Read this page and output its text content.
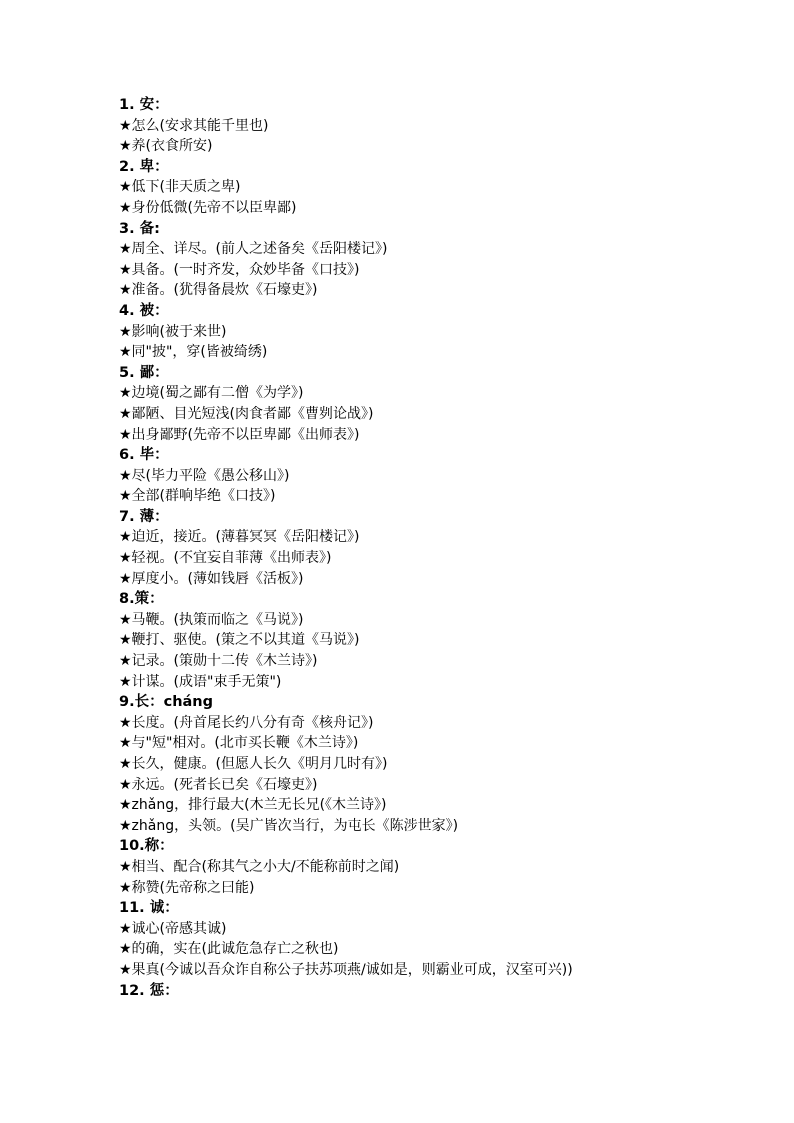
1. 安：
★怎么(安求其能千里也)
★养(衣食所安)
2. 卑：
★低下(非天质之卑)
★身份低微(先帝不以臣卑鄙)
3. 备:
★周全、详尽。(前人之述备矣《岳阳楼记》)
★具备。(一时齐发，众妙毕备《口技》)
★准备。(犹得备晨炊《石壕吏》)
4. 被：
★影响(被于来世)
★同"披"，穿(皆被绮绣)
5. 鄙：
★边境(蜀之鄙有二僧《为学》)
★鄙陋、目光短浅(肉食者鄙《曹刿论战》)
★出身鄙野(先帝不以臣卑鄙《出师表》)
6. 毕：
★尽(毕力平险《愚公移山》)
★全部(群响毕绝《口技》)
7. 薄：
★迫近，接近。(薄暮冥冥《岳阳楼记》)
★轻视。(不宜妄自菲薄《出师表》)
★厚度小。(薄如钱唇《活板》)
8.策：
★马鞭。(执策而临之《马说》)
★鞭打、驱使。(策之不以其道《马说》)
★记录。(策勋十二传《木兰诗》)
★计谋。(成语"束手无策")
9.长：cháng
★长度。(舟首尾长约八分有奇《核舟记》)
★与"短"相对。(北市买长鞭《木兰诗》)
★长久，健康。(但愿人长久《明月几时有》)
★永远。(死者长已矣《石壕吏》)
★zhǎng，排行最大(木兰无长兄(《木兰诗》)
★zhǎng，头领。(吴广皆次当行，为屯长《陈涉世家》)
10.称：
★相当、配合(称其气之小大/不能称前时之闻)
★称赞(先帝称之曰能)
11. 诚：
★诚心(帝感其诚)
★的确，实在(此诚危急存亡之秋也)
★果真(今诚以吾众诈自称公子扶苏项燕/诚如是，则霸业可成，汉室可兴))
12. 惩：
